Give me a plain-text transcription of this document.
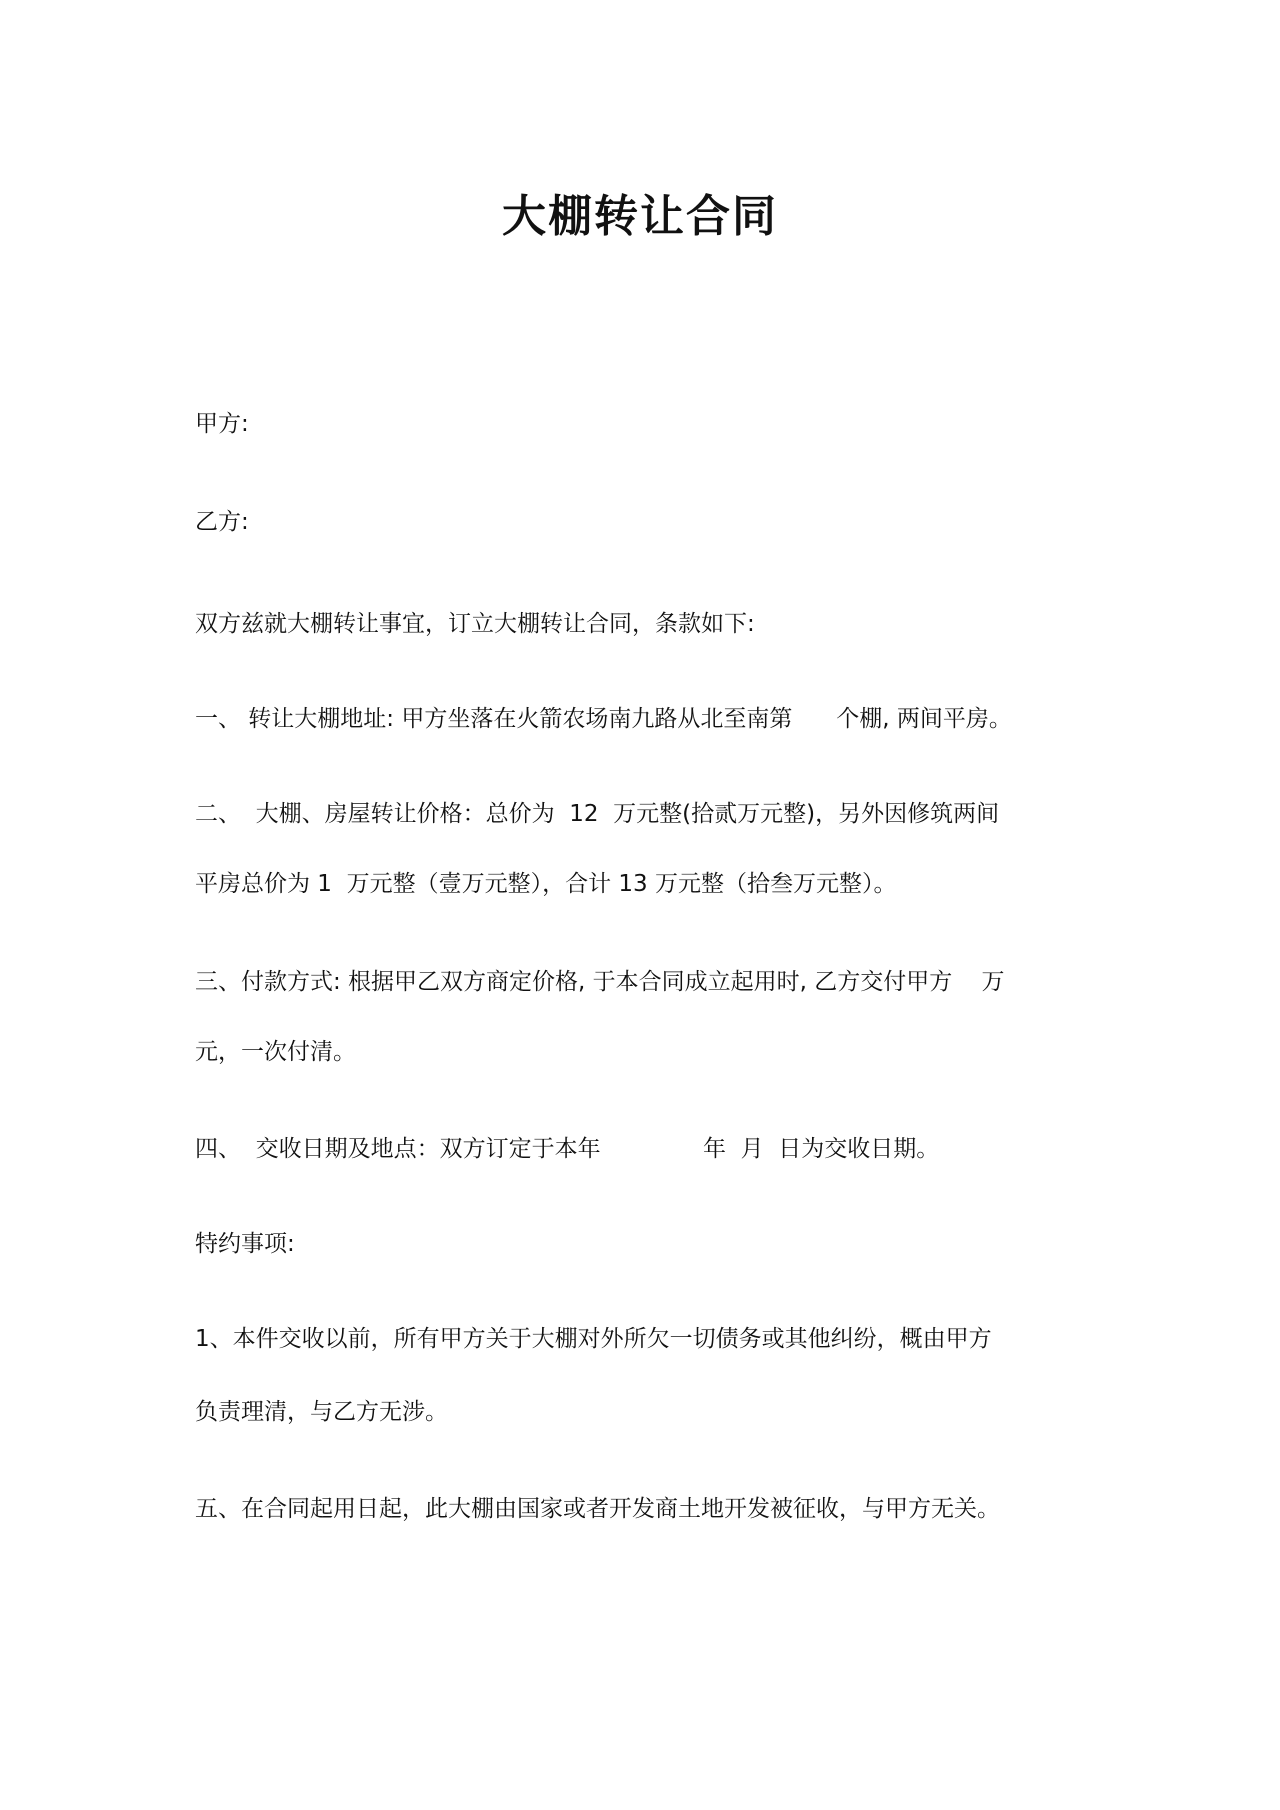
大棚转让合同
甲方:
乙方:
双方兹就大棚转让事宜，订立大棚转让合同，条款如下:
一、 转让大棚地址: 甲方坐落在火箭农场南九路从北至南第      个棚, 两间平房。
二、  大棚、房屋转让价格：总价为  12  万元整(拾贰万元整)，另外因修筑两间
平房总价为 1  万元整（壹万元整），合计 13 万元整（拾叁万元整）。
三、付款方式: 根据甲乙双方商定价格, 于本合同成立起用时, 乙方交付甲方    万
元，一次付清。
四、  交收日期及地点：双方订定于本年              年  月  日为交收日期。
特约事项:
1、本件交收以前，所有甲方关于大棚对外所欠一切债务或其他纠纷，概由甲方
负责理清，与乙方无涉。
五、在合同起用日起，此大棚由国家或者开发商土地开发被征收，与甲方无关。
